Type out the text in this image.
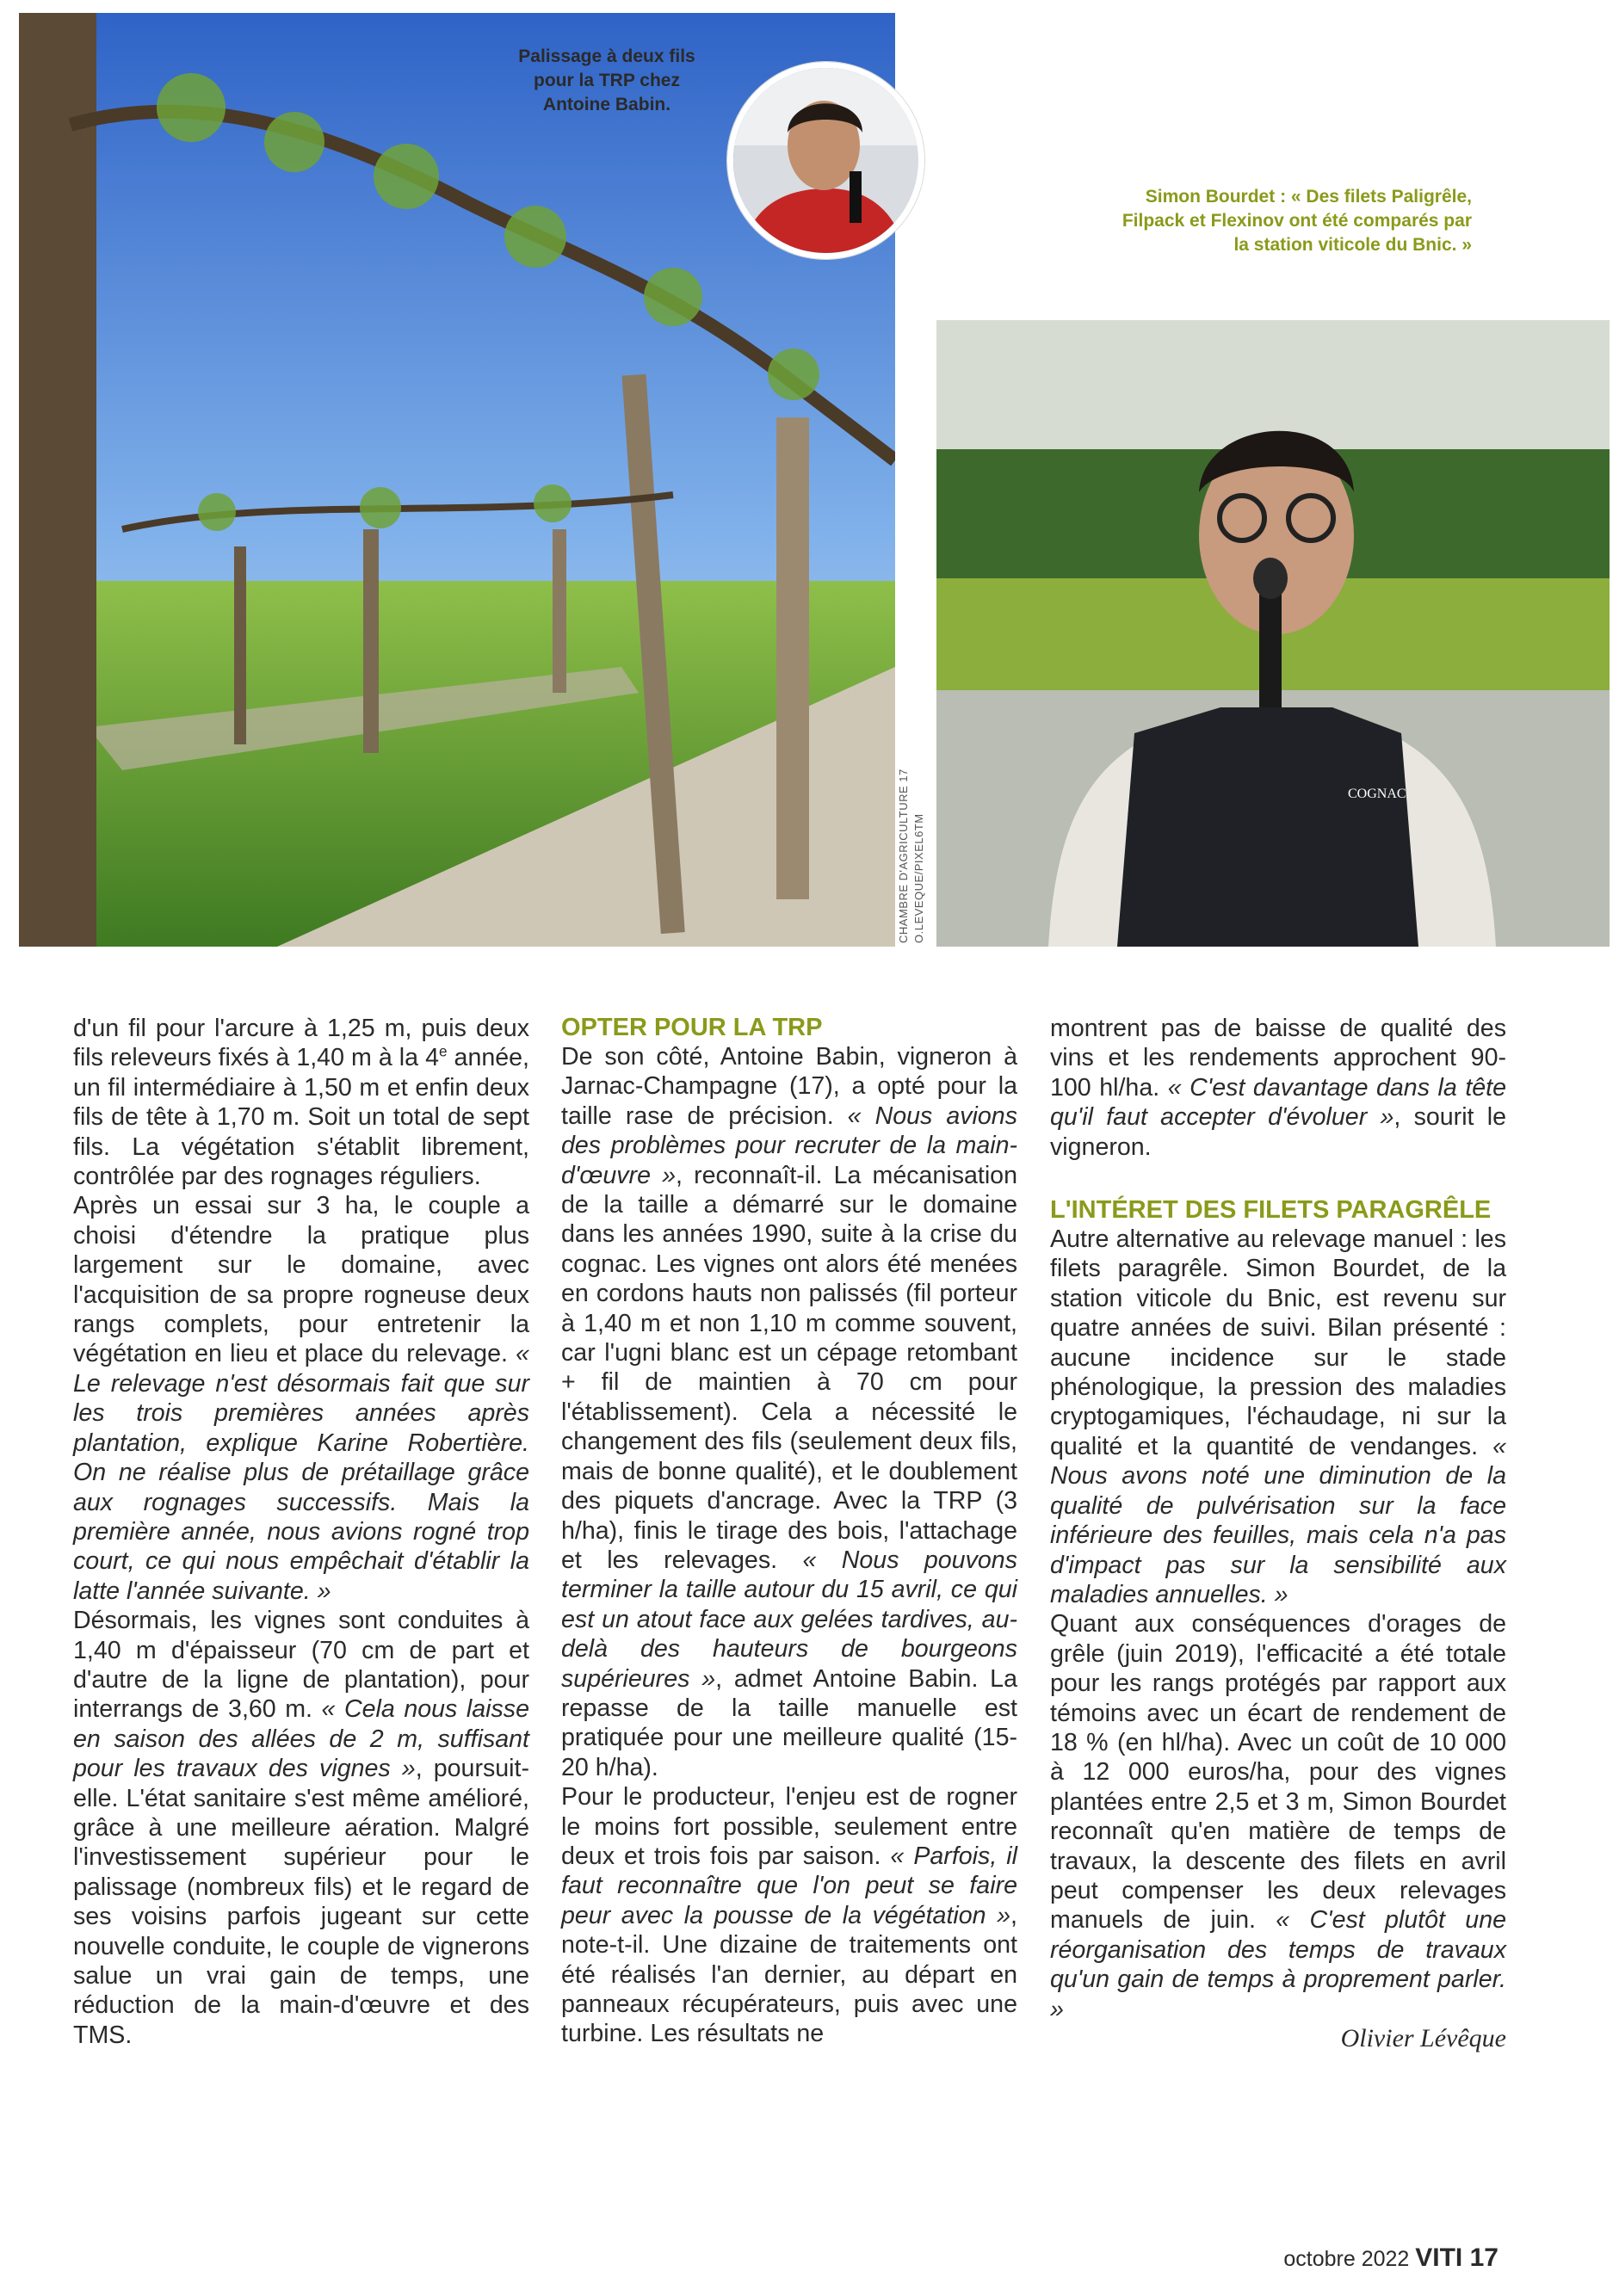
COGNAC
Palissage à deux fils pour la TRP chez Antoine Babin.
Simon Bourdet : « Des filets Paligrêle, Filpack et Flexinov ont été comparés par la station viticole du Bnic. »
CHAMBRE D'AGRICULTURE 17 O.LEVEQUE/PIXEL6TM

d'un fil pour l'arcure à 1,25 m, puis deux fils releveurs fixés à 1,40 m à la 4e année, un fil intermédiaire à 1,50 m et enfin deux fils de tête à 1,70 m. Soit un total de sept fils. La végétation s'établit librement, contrôlée par des rognages réguliers.

Après un essai sur 3 ha, le couple a choisi d'étendre la pratique plus largement sur le domaine, avec l'acquisition de sa propre rogneuse deux rangs complets, pour entretenir la végétation en lieu et place du relevage. « Le relevage n'est désormais fait que sur les trois premières années après plantation, explique Karine Robertière. On ne réalise plus de prétaillage grâce aux rognages successifs. Mais la première année, nous avions rogné trop court, ce qui nous empêchait d'établir la latte l'année suivante. »

Désormais, les vignes sont conduites à 1,40 m d'épaisseur (70 cm de part et d'autre de la ligne de plantation), pour interrangs de 3,60 m. « Cela nous laisse en saison des allées de 2 m, suffisant pour les travaux des vignes », poursuit-elle. L'état sanitaire s'est même amélioré, grâce à une meilleure aération. Malgré l'investissement supérieur pour le palissage (nombreux fils) et le regard de ses voisins parfois jugeant sur cette nouvelle conduite, le couple de vignerons salue un vrai gain de temps, une réduction de la main-d'œuvre et des TMS.

OPTER POUR LA TRP

De son côté, Antoine Babin, vigneron à Jarnac-Champagne (17), a opté pour la taille rase de précision. « Nous avions des problèmes pour recruter de la main-d'œuvre », reconnaît-il. La mécanisation de la taille a démarré sur le domaine dans les années 1990, suite à la crise du cognac. Les vignes ont alors été menées en cordons hauts non palissés (fil porteur à 1,40 m et non 1,10 m comme souvent, car l'ugni blanc est un cépage retombant + fil de maintien à 70 cm pour l'établissement). Cela a nécessité le changement des fils (seulement deux fils, mais de bonne qualité), et le doublement des piquets d'ancrage. Avec la TRP (3 h/ha), finis le tirage des bois, l'attachage et les relevages. « Nous pouvons terminer la taille autour du 15 avril, ce qui est un atout face aux gelées tardives, au-delà des hauteurs de bourgeons supérieures », admet Antoine Babin. La repasse de la taille manuelle est pratiquée pour une meilleure qualité (15-20 h/ha).

Pour le producteur, l'enjeu est de rogner le moins fort possible, seulement entre deux et trois fois par saison. « Parfois, il faut reconnaître que l'on peut se faire peur avec la pousse de la végétation », note-t-il. Une dizaine de traitements ont été réalisés l'an dernier, au départ en panneaux récupérateurs, puis avec une turbine. Les résultats ne

montrent pas de baisse de qualité des vins et les rendements approchent 90-100 hl/ha. « C'est davantage dans la tête qu'il faut accepter d'évoluer », sourit le vigneron.

L'INTÉRET DES FILETS PARAGRÊLE

Autre alternative au relevage manuel : les filets paragrêle. Simon Bourdet, de la station viticole du Bnic, est revenu sur quatre années de suivi. Bilan présenté : aucune incidence sur le stade phénologique, la pression des maladies cryptogamiques, l'échaudage, ni sur la qualité et la quantité de vendanges. « Nous avons noté une diminution de la qualité de pulvérisation sur la face inférieure des feuilles, mais cela n'a pas d'impact pas sur la sensibilité aux maladies annuelles. »

Quant aux conséquences d'orages de grêle (juin 2019), l'efficacité a été totale pour les rangs protégés par rapport aux témoins avec un écart de rendement de 18 % (en hl/ha). Avec un coût de 10 000 à 12 000 euros/ha, pour des vignes plantées entre 2,5 et 3 m, Simon Bourdet reconnaît qu'en matière de temps de travaux, la descente des filets en avril peut compenser les deux relevages manuels de juin. « C'est plutôt une réorganisation des temps de travaux qu'un gain de temps à proprement parler. »

Olivier Lévêque

octobre 2022 VITI 17
